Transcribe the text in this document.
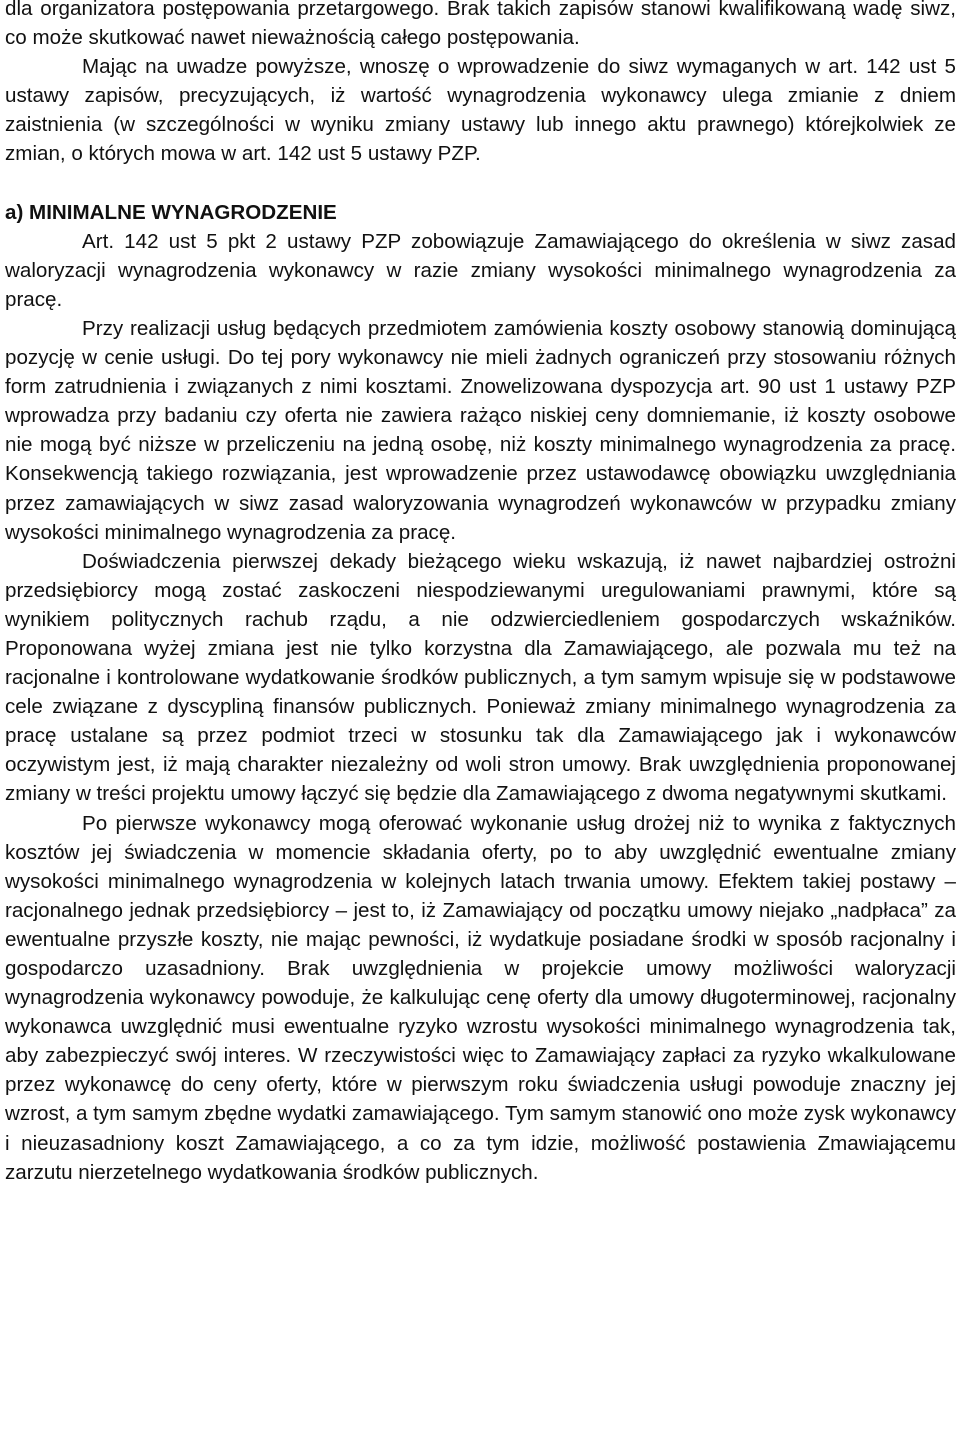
dla organizatora postępowania przetargowego. Brak takich zapisów stanowi kwalifikowaną wadę siwz, co może skutkować nawet nieważnością całego postępowania.

Mając na uwadze powyższe, wnoszę o wprowadzenie do siwz wymaganych w art. 142 ust 5 ustawy zapisów, precyzujących, iż wartość wynagrodzenia wykonawcy ulega zmianie z dniem zaistnienia (w szczególności w wyniku zmiany ustawy lub innego aktu prawnego) którejkolwiek ze zmian, o których mowa w art. 142 ust 5 ustawy PZP.

a) MINIMALNE WYNAGRODZENIE

Art. 142 ust 5 pkt 2 ustawy PZP zobowiązuje Zamawiającego do określenia w siwz zasad waloryzacji wynagrodzenia wykonawcy w razie zmiany wysokości minimalnego wynagrodzenia za pracę.

Przy realizacji usług będących przedmiotem zamówienia koszty osobowy stanowią dominującą pozycję w cenie usługi. Do tej pory wykonawcy nie mieli żadnych ograniczeń przy stosowaniu różnych form zatrudnienia i związanych z nimi kosztami. Znowelizowana dyspozycja art. 90 ust 1 ustawy PZP wprowadza przy badaniu czy oferta nie zawiera rażąco niskiej ceny domniemanie, iż koszty osobowe nie mogą być niższe w przeliczeniu na jedną osobę, niż koszty minimalnego wynagrodzenia za pracę. Konsekwencją takiego rozwiązania, jest wprowadzenie przez ustawodawcę obowiązku uwzględniania przez zamawiających w siwz zasad waloryzowania wynagrodzeń wykonawców w przypadku zmiany wysokości minimalnego wynagrodzenia za pracę.

Doświadczenia pierwszej dekady bieżącego wieku wskazują, iż nawet najbardziej ostrożni przedsiębiorcy mogą zostać zaskoczeni niespodziewanymi uregulowaniami prawnymi, które są wynikiem politycznych rachub rządu, a nie odzwierciedleniem gospodarczych wskaźników. Proponowana wyżej zmiana jest nie tylko korzystna dla Zamawiającego, ale pozwala mu też na racjonalne i kontrolowane wydatkowanie środków publicznych, a tym samym wpisuje się w podstawowe cele związane z dyscypliną finansów publicznych. Ponieważ zmiany minimalnego wynagrodzenia za pracę ustalane są przez podmiot trzeci w stosunku tak dla Zamawiającego jak i wykonawców oczywistym jest, iż mają charakter niezależny od woli stron umowy. Brak uwzględnienia proponowanej zmiany w treści projektu umowy łączyć się będzie dla Zamawiającego z dwoma negatywnymi skutkami.

Po pierwsze wykonawcy mogą oferować wykonanie usług drożej niż to wynika z faktycznych kosztów jej świadczenia w momencie składania oferty, po to aby uwzględnić ewentualne zmiany wysokości minimalnego wynagrodzenia w kolejnych latach trwania umowy. Efektem takiej postawy – racjonalnego jednak przedsiębiorcy – jest to, iż Zamawiający od początku umowy niejako „nadpłaca” za ewentualne przyszłe koszty, nie mając pewności, iż wydatkuje posiadane środki w sposób racjonalny i gospodarczo uzasadniony. Brak uwzględnienia w projekcie umowy możliwości waloryzacji wynagrodzenia wykonawcy powoduje, że kalkulując cenę oferty dla umowy długoterminowej, racjonalny wykonawca uwzględnić musi ewentualne ryzyko wzrostu wysokości minimalnego wynagrodzenia tak, aby zabezpieczyć swój interes. W rzeczywistości więc to Zamawiający zapłaci za ryzyko wkalkulowane przez wykonawcę do ceny oferty, które w pierwszym roku świadczenia usługi powoduje znaczny jej wzrost, a tym samym zbędne wydatki zamawiającego. Tym samym stanowić ono może zysk wykonawcy i nieuzasadniony koszt Zamawiającego, a co za tym idzie, możliwość postawienia Zmawiającemu zarzutu nierzetelnego wydatkowania środków publicznych.
